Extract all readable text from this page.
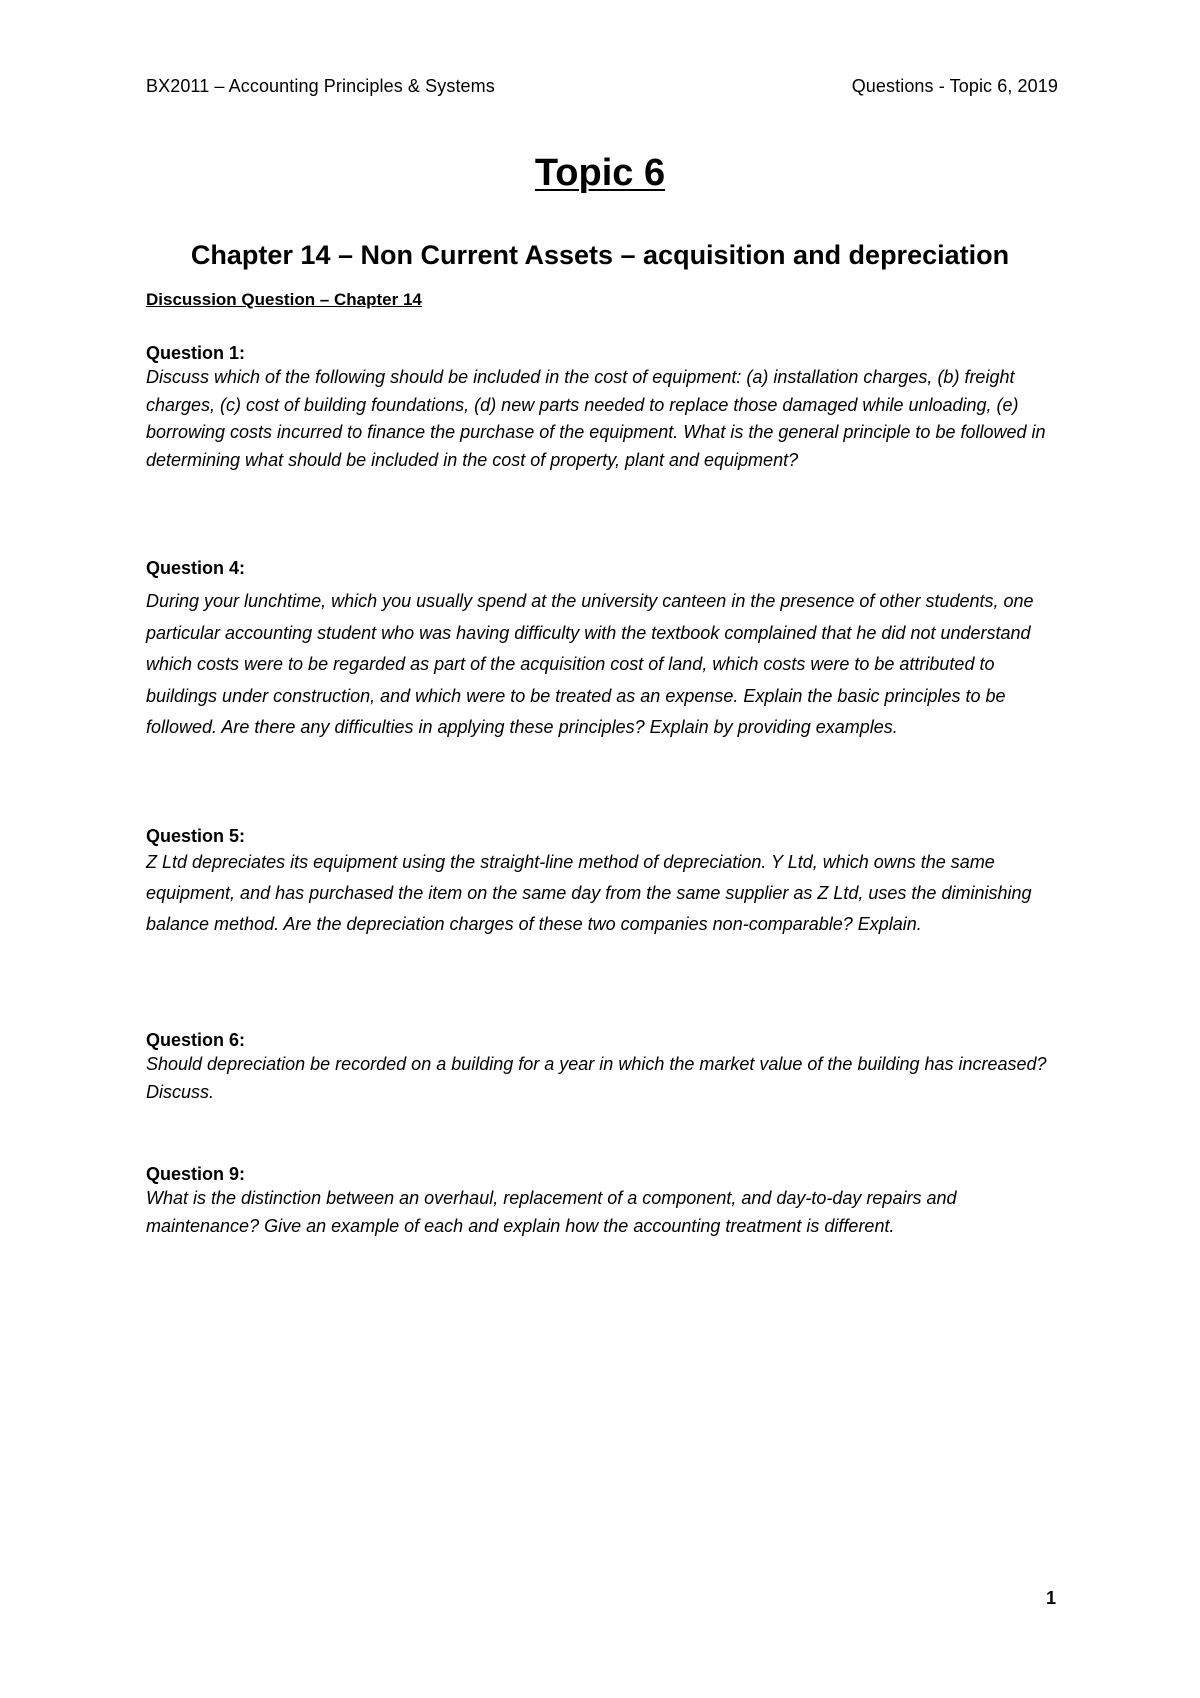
BX2011 – Accounting Principles & Systems	Questions - Topic 6, 2019
Topic 6
Chapter 14 – Non Current Assets – acquisition and depreciation
Discussion Question – Chapter 14

Question 1:

Discuss which of the following should be included in the cost of equipment: (a) installation charges, (b) freight charges, (c) cost of building foundations, (d) new parts needed to replace those damaged while unloading, (e) borrowing costs incurred to finance the purchase of the equipment. What is the general principle to be followed in determining what should be included in the cost of property, plant and equipment?

Question 4:

During your lunchtime, which you usually spend at the university canteen in the presence of other students, one particular accounting student who was having difficulty with the textbook complained that he did not understand which costs were to be regarded as part of the acquisition cost of land, which costs were to be attributed to buildings under construction, and which were to be treated as an expense. Explain the basic principles to be followed. Are there any difficulties in applying these principles? Explain by providing examples.

Question 5:

Z Ltd depreciates its equipment using the straight-line method of depreciation. Y Ltd, which owns the same equipment, and has purchased the item on the same day from the same supplier as Z Ltd, uses the diminishing balance method. Are the depreciation charges of these two companies non-comparable? Explain.

Question 6:

Should depreciation be recorded on a building for a year in which the market value of the building has increased? Discuss.

Question 9:

What is the distinction between an overhaul, replacement of a component, and day-to-day repairs and maintenance? Give an example of each and explain how the accounting treatment is different.

1
